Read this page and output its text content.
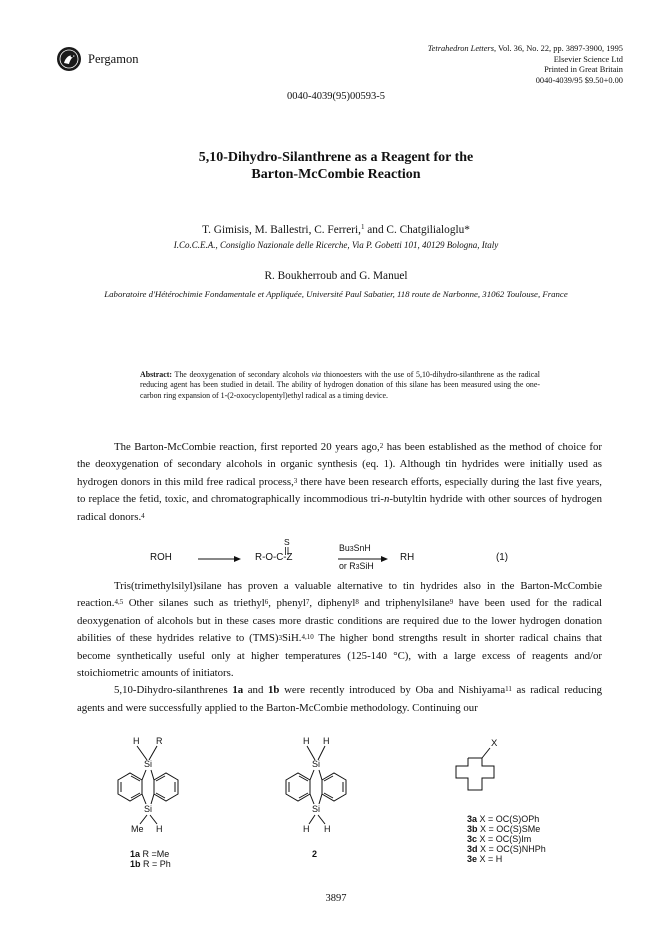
Pergamon
Tetrahedron Letters, Vol. 36, No. 22, pp. 3897-3900, 1995
Elsevier Science Ltd
Printed in Great Britain
0040-4039/95 $9.50+0.00
0040-4039(95)00593-5
5,10-Dihydro-Silanthrene as a Reagent for the
Barton-McCombie Reaction
T. Gimisis, M. Ballestri, C. Ferreri,$^1$ and C. Chatgilialoglu*
I.Co.C.E.A., Consiglio Nazionale delle Ricerche, Via P. Gobetti 101, 40129 Bologna, Italy
R. Boukherroub and G. Manuel
Laboratoire d'Hétérochimie Fondamentale et Appliquée, Université Paul Sabatier, 118 route de Narbonne, 31062 Toulouse, France
Abstract: The deoxygenation of secondary alcohols via thionoesters with the use of 5,10-dihydro-silanthrene as the radical reducing agent has been studied in detail. The ability of hydrogen donation of this silane has been measured using the one-carbon ring expansion of 1-(2-oxocyclopentyl)ethyl radical as a timing device.

The Barton-McCombie reaction, first reported 20 years ago,$^2$ has been established as the method of choice for the deoxygenation of secondary alcohols in organic synthesis (eq. 1). Although tin hydrides were initially used as hydrogen donors in this mild free radical process,$^3$ there have been research efforts, especially during the last five years, to replace the fetid, toxic, and chromatographically incommodious tri-n-butyltin hydride with other sources of hydrogen radical donors.$^4$

ROH
S
R-O-C-Z
Bu3SnH
or R3SiH
RH	(1)

Tris(trimethylsilyl)silane has proven a valuable alternative to tin hydrides also in the Barton-McCombie reaction.$^{4,5}$ Other silanes such as triethyl$^6$, phenyl$^7$, diphenyl$^8$ and triphenylsilane$^9$ have been used for the radical deoxygenation of alcohols but in these cases more drastic conditions are required due to the lower hydrogen donation abilities of these hydrides relative to (TMS)3SiH.$^{4,10}$ The higher bond strengths result in shorter radical chains that become synthetically useful only at higher temperatures (125-140 °C), with a large excess of reagents and/or stoichiometric amounts of initiators.

5,10-Dihydro-silanthrenes 1a and 1b were recently introduced by Oba and Nishiyama$^{11}$ as radical reducing agents and were successfully applied to the Barton-McCombie methodology. Continuing our

H R
Si
Si
Me H
1a R =Me
1b R = Ph
H H
Si
Si
H H
2
X
3a X = OC(S)OPh
3b X = OC(S)SMe
3c X = OC(S)Im
3d X = OC(S)NHPh
3e X = H
3897
